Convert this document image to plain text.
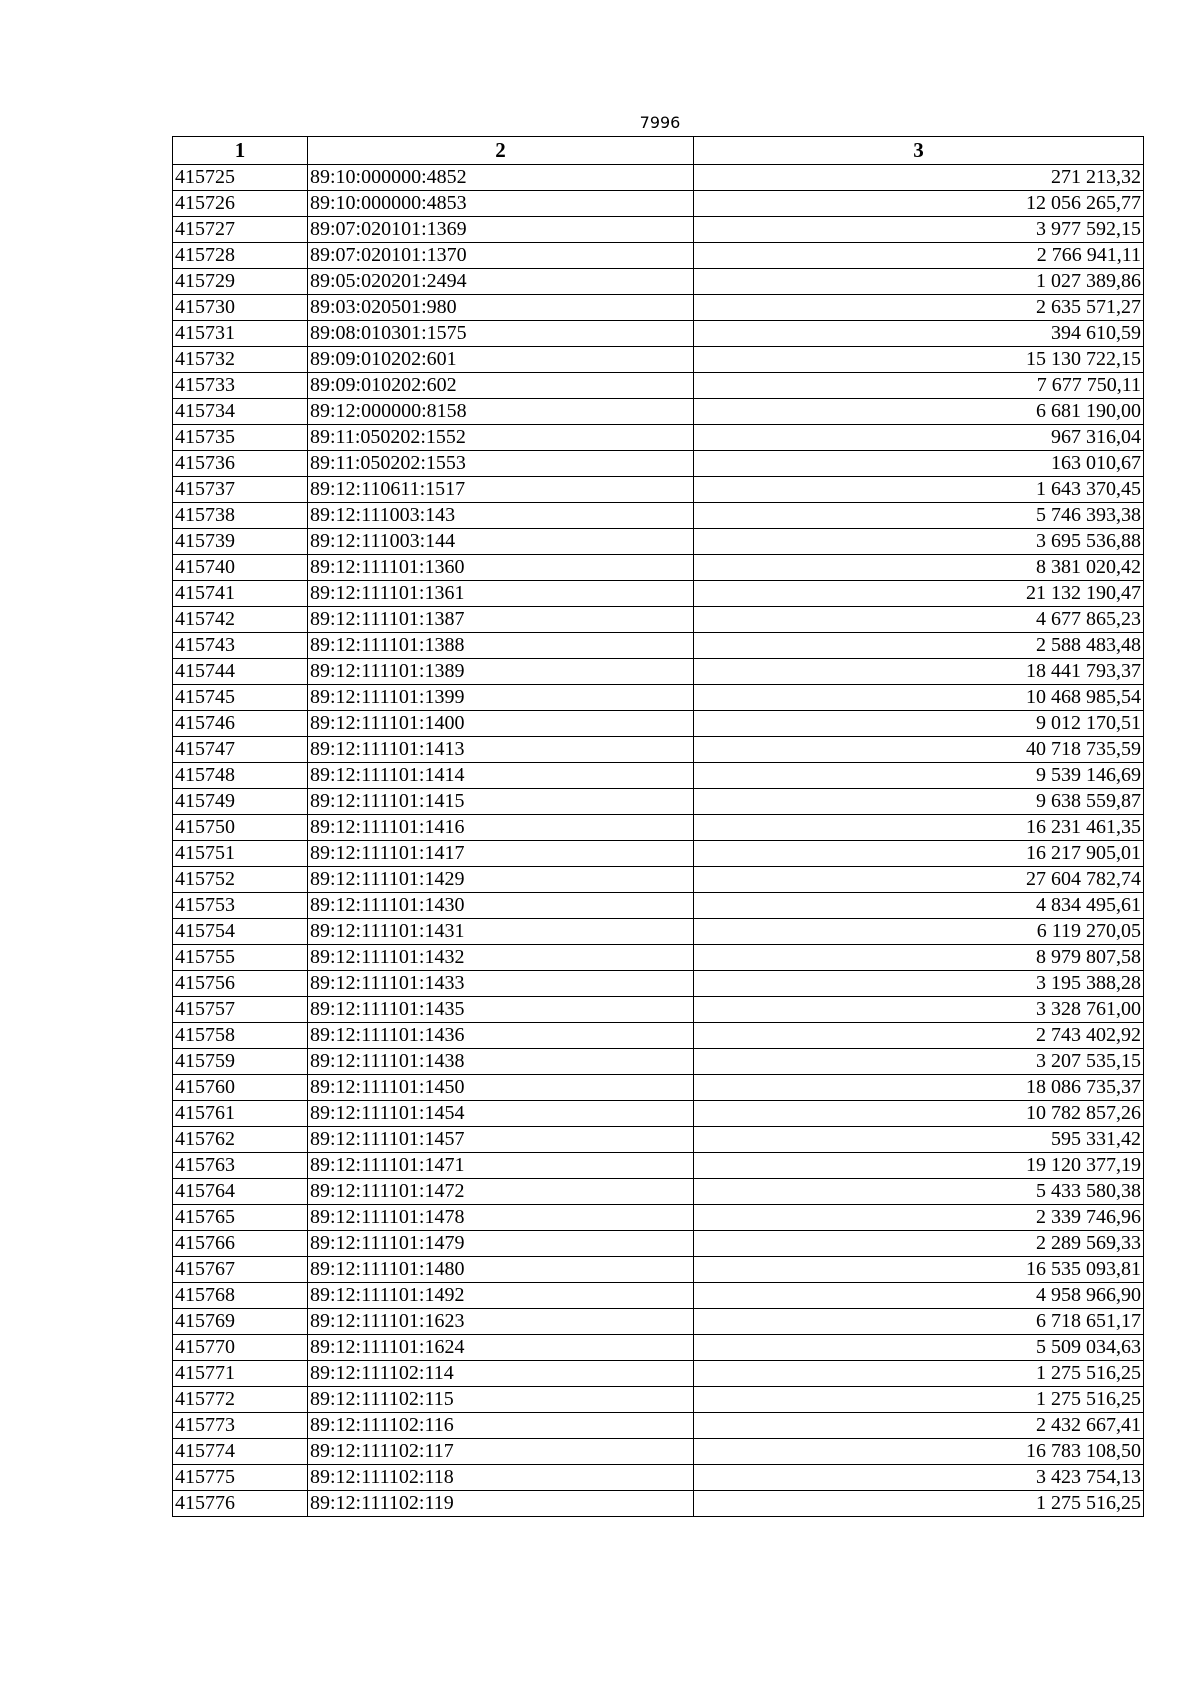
7996
1	2	3
415725	89:10:000000:4852	271 213,32
415726	89:10:000000:4853	12 056 265,77
415727	89:07:020101:1369	3 977 592,15
415728	89:07:020101:1370	2 766 941,11
415729	89:05:020201:2494	1 027 389,86
415730	89:03:020501:980	2 635 571,27
415731	89:08:010301:1575	394 610,59
415732	89:09:010202:601	15 130 722,15
415733	89:09:010202:602	7 677 750,11
415734	89:12:000000:8158	6 681 190,00
415735	89:11:050202:1552	967 316,04
415736	89:11:050202:1553	163 010,67
415737	89:12:110611:1517	1 643 370,45
415738	89:12:111003:143	5 746 393,38
415739	89:12:111003:144	3 695 536,88
415740	89:12:111101:1360	8 381 020,42
415741	89:12:111101:1361	21 132 190,47
415742	89:12:111101:1387	4 677 865,23
415743	89:12:111101:1388	2 588 483,48
415744	89:12:111101:1389	18 441 793,37
415745	89:12:111101:1399	10 468 985,54
415746	89:12:111101:1400	9 012 170,51
415747	89:12:111101:1413	40 718 735,59
415748	89:12:111101:1414	9 539 146,69
415749	89:12:111101:1415	9 638 559,87
415750	89:12:111101:1416	16 231 461,35
415751	89:12:111101:1417	16 217 905,01
415752	89:12:111101:1429	27 604 782,74
415753	89:12:111101:1430	4 834 495,61
415754	89:12:111101:1431	6 119 270,05
415755	89:12:111101:1432	8 979 807,58
415756	89:12:111101:1433	3 195 388,28
415757	89:12:111101:1435	3 328 761,00
415758	89:12:111101:1436	2 743 402,92
415759	89:12:111101:1438	3 207 535,15
415760	89:12:111101:1450	18 086 735,37
415761	89:12:111101:1454	10 782 857,26
415762	89:12:111101:1457	595 331,42
415763	89:12:111101:1471	19 120 377,19
415764	89:12:111101:1472	5 433 580,38
415765	89:12:111101:1478	2 339 746,96
415766	89:12:111101:1479	2 289 569,33
415767	89:12:111101:1480	16 535 093,81
415768	89:12:111101:1492	4 958 966,90
415769	89:12:111101:1623	6 718 651,17
415770	89:12:111101:1624	5 509 034,63
415771	89:12:111102:114	1 275 516,25
415772	89:12:111102:115	1 275 516,25
415773	89:12:111102:116	2 432 667,41
415774	89:12:111102:117	16 783 108,50
415775	89:12:111102:118	3 423 754,13
415776	89:12:111102:119	1 275 516,25
